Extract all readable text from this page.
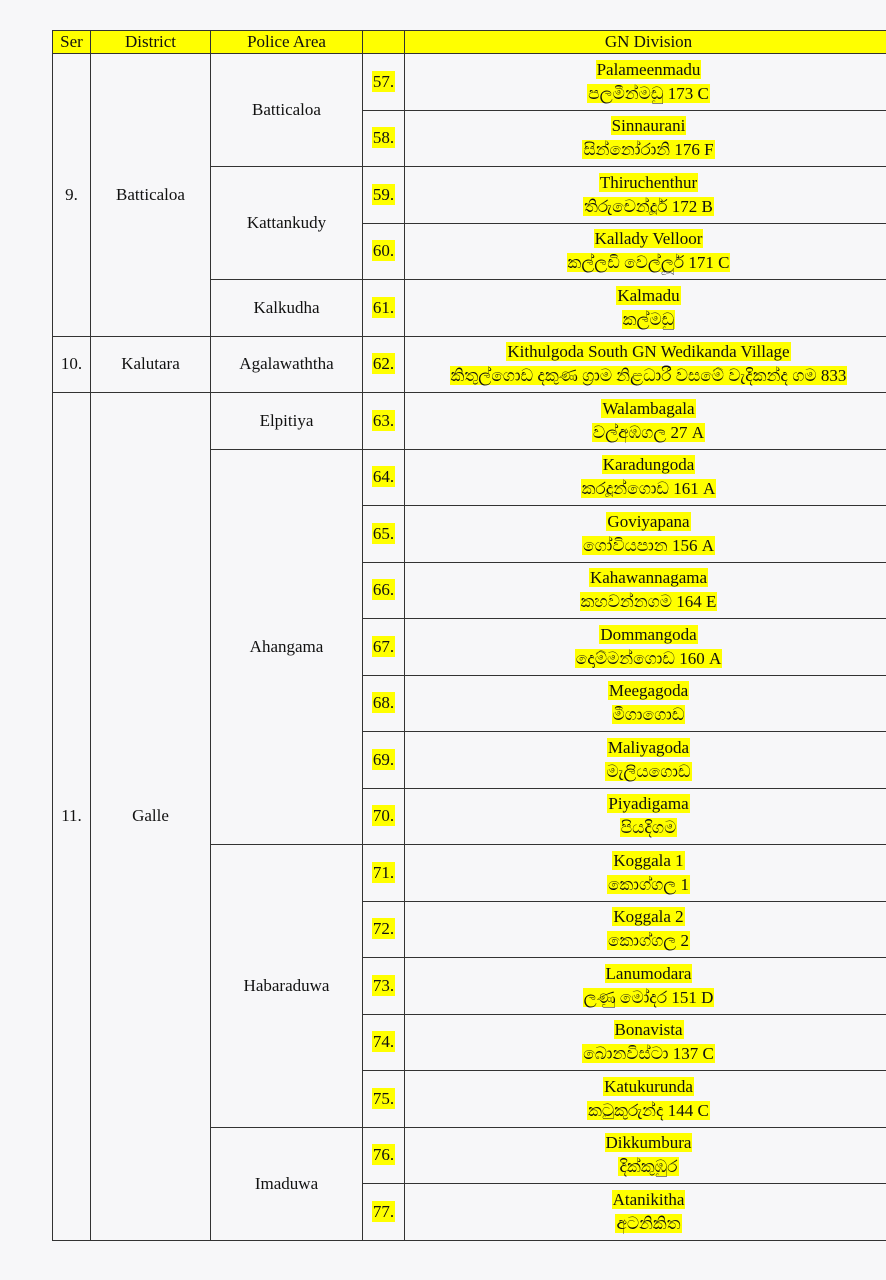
Ser	District	Police Area		GN Division
9.	Batticaloa	Batticaloa	57.	Palameenmadu
පලමීන්මඩු 173 C
			58.	Sinnaurani
සින්නෝරානි 176 F
		Kattankudy	59.	Thiruchenthur
තිරුචෙන්දූර් 172 B
			60.	Kallady Velloor
කල්ලඩි වෙල්ලූර් 171 C
		Kalkudha	61.	Kalmadu
කල්මඩු
10.	Kalutara	Agalawaththa	62.	Kithulgoda South GN Wedikanda Village
කිතුල්ගොඩ දකුණ ග්‍රාම නිළධාරී වසමේ වැදිකන්ද ගම 833
11.	Galle	Elpitiya	63.	Walambagala
වල්අඹගල 27 A
		Ahangama	64.	Karadungoda
කරදූන්ගොඩ 161 A
			65.	Goviyapana
ගෝවියපාන 156 A
			66.	Kahawannagama
කහවන්නගම 164 E
			67.	Dommangoda
දොම්මන්ගොඩ 160 A
			68.	Meegagoda
මීගාගොඩ
			69.	Maliyagoda
මැලියගොඩ
			70.	Piyadigama
පියදිගම
		Habaraduwa	71.	Koggala 1
කොග්ගල 1
			72.	Koggala 2
කොග්ගල 2
			73.	Lanumodara
ලණු මෝදර 151 D
			74.	Bonavista
බොනවිස්ටා 137 C
			75.	Katukurunda
කටුකුරුන්ද 144 C
		Imaduwa	76.	Dikkumbura
දික්කුඹුර
			77.	Atanikitha
අටනිකිත
